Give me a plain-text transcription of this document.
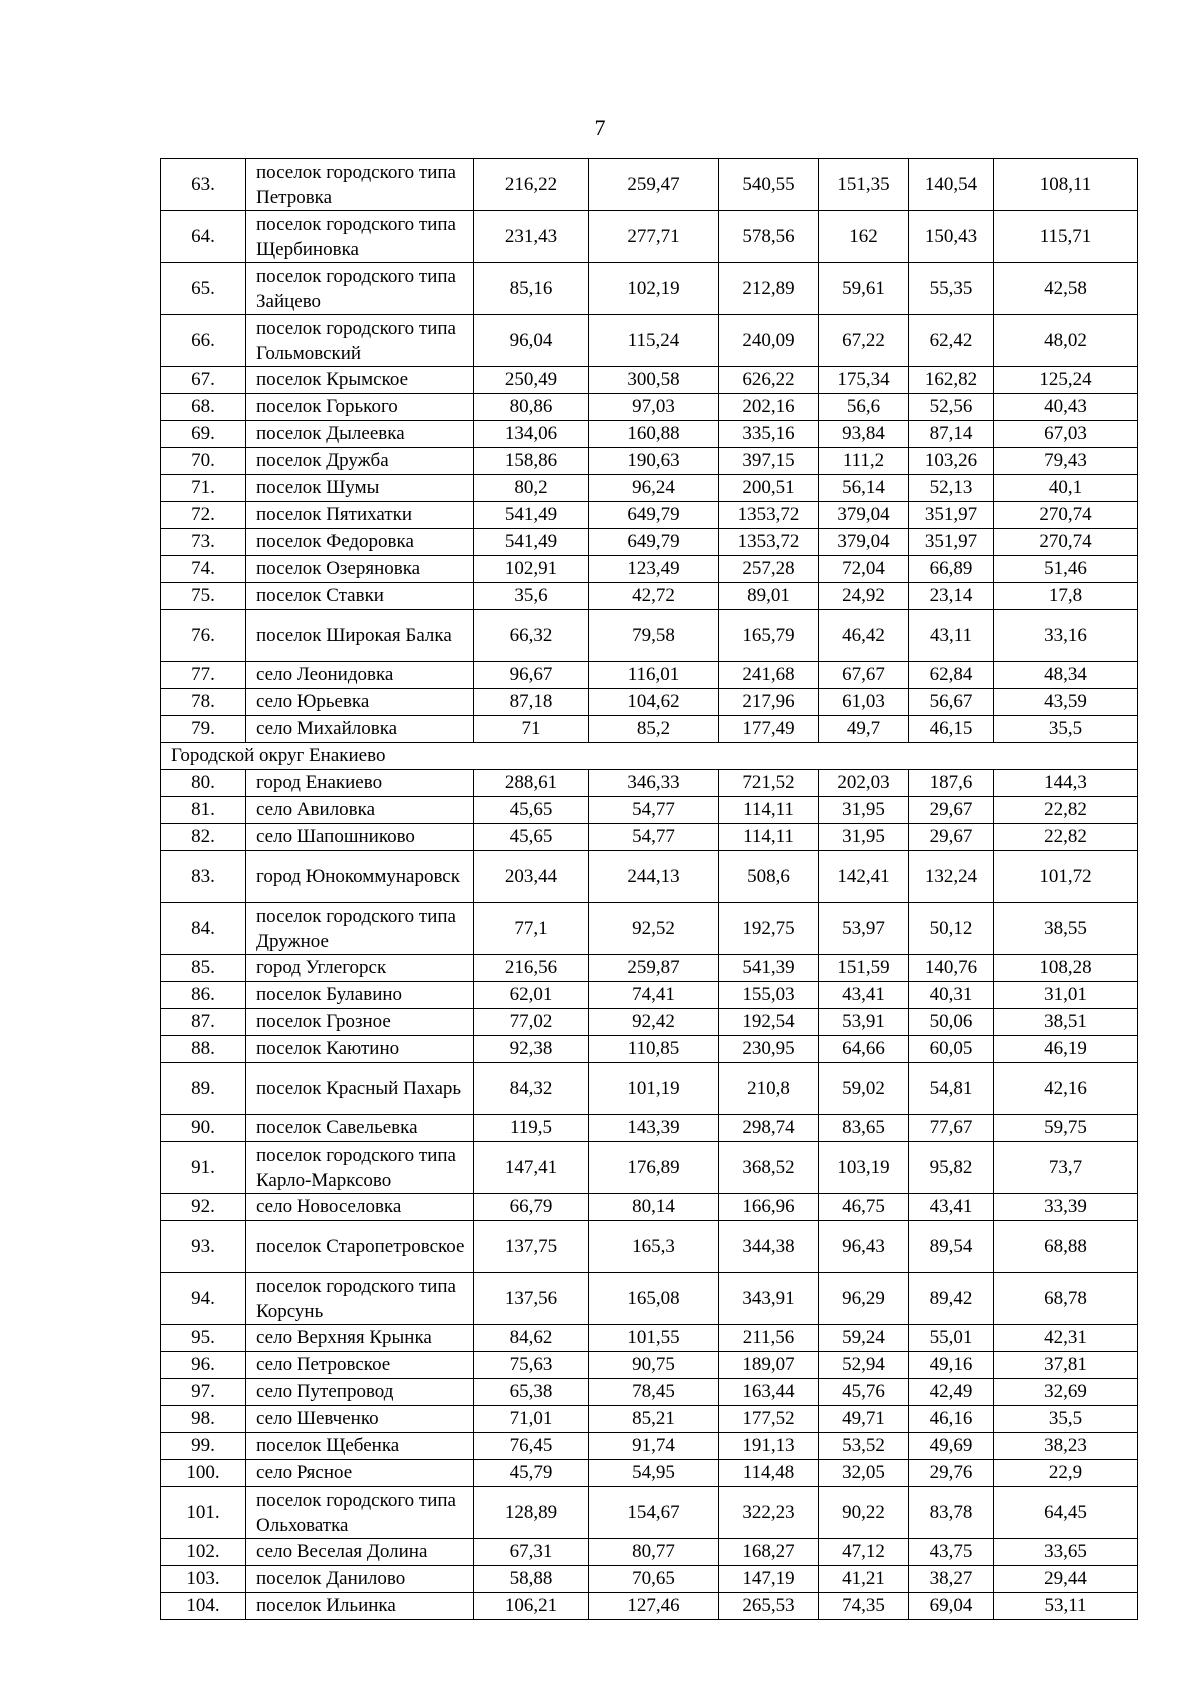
7
63.	поселок городского типа Петровка	216,22	259,47	540,55	151,35	140,54	108,11
64.	поселок городского типа Щербиновка	231,43	277,71	578,56	162	150,43	115,71
65.	поселок городского типа Зайцево	85,16	102,19	212,89	59,61	55,35	42,58
66.	поселок городского типа Гольмовский	96,04	115,24	240,09	67,22	62,42	48,02
67.	поселок Крымское	250,49	300,58	626,22	175,34	162,82	125,24
68.	поселок Горького	80,86	97,03	202,16	56,6	52,56	40,43
69.	поселок Дылеевка	134,06	160,88	335,16	93,84	87,14	67,03
70.	поселок Дружба	158,86	190,63	397,15	111,2	103,26	79,43
71.	поселок Шумы	80,2	96,24	200,51	56,14	52,13	40,1
72.	поселок Пятихатки	541,49	649,79	1353,72	379,04	351,97	270,74
73.	поселок Федоровка	541,49	649,79	1353,72	379,04	351,97	270,74
74.	поселок Озеряновка	102,91	123,49	257,28	72,04	66,89	51,46
75.	поселок Ставки	35,6	42,72	89,01	24,92	23,14	17,8
76.	поселок Широкая Балка	66,32	79,58	165,79	46,42	43,11	33,16
77.	село Леонидовка	96,67	116,01	241,68	67,67	62,84	48,34
78.	село Юрьевка	87,18	104,62	217,96	61,03	56,67	43,59
79.	село Михайловка	71	85,2	177,49	49,7	46,15	35,5
Городской округ Енакиево							
80.	город Енакиево	288,61	346,33	721,52	202,03	187,6	144,3
81.	село Авиловка	45,65	54,77	114,11	31,95	29,67	22,82
82.	село Шапошниково	45,65	54,77	114,11	31,95	29,67	22,82
83.	город Юнокоммунаровск	203,44	244,13	508,6	142,41	132,24	101,72
84.	поселок городского типа Дружное	77,1	92,52	192,75	53,97	50,12	38,55
85.	город Углегорск	216,56	259,87	541,39	151,59	140,76	108,28
86.	поселок Булавино	62,01	74,41	155,03	43,41	40,31	31,01
87.	поселок Грозное	77,02	92,42	192,54	53,91	50,06	38,51
88.	поселок Каютино	92,38	110,85	230,95	64,66	60,05	46,19
89.	поселок Красный Пахарь	84,32	101,19	210,8	59,02	54,81	42,16
90.	поселок Савельевка	119,5	143,39	298,74	83,65	77,67	59,75
91.	поселок городского типа Карло-Марксово	147,41	176,89	368,52	103,19	95,82	73,7
92.	село Новоселовка	66,79	80,14	166,96	46,75	43,41	33,39
93.	поселок Старопетровское	137,75	165,3	344,38	96,43	89,54	68,88
94.	поселок городского типа Корсунь	137,56	165,08	343,91	96,29	89,42	68,78
95.	село Верхняя Крынка	84,62	101,55	211,56	59,24	55,01	42,31
96.	село Петровское	75,63	90,75	189,07	52,94	49,16	37,81
97.	село Путепровод	65,38	78,45	163,44	45,76	42,49	32,69
98.	село Шевченко	71,01	85,21	177,52	49,71	46,16	35,5
99.	поселок Щебенка	76,45	91,74	191,13	53,52	49,69	38,23
100.	село Рясное	45,79	54,95	114,48	32,05	29,76	22,9
101.	поселок городского типа Ольховатка	128,89	154,67	322,23	90,22	83,78	64,45
102.	село Веселая Долина	67,31	80,77	168,27	47,12	43,75	33,65
103.	поселок Данилово	58,88	70,65	147,19	41,21	38,27	29,44
104.	поселок Ильинка	106,21	127,46	265,53	74,35	69,04	53,11
